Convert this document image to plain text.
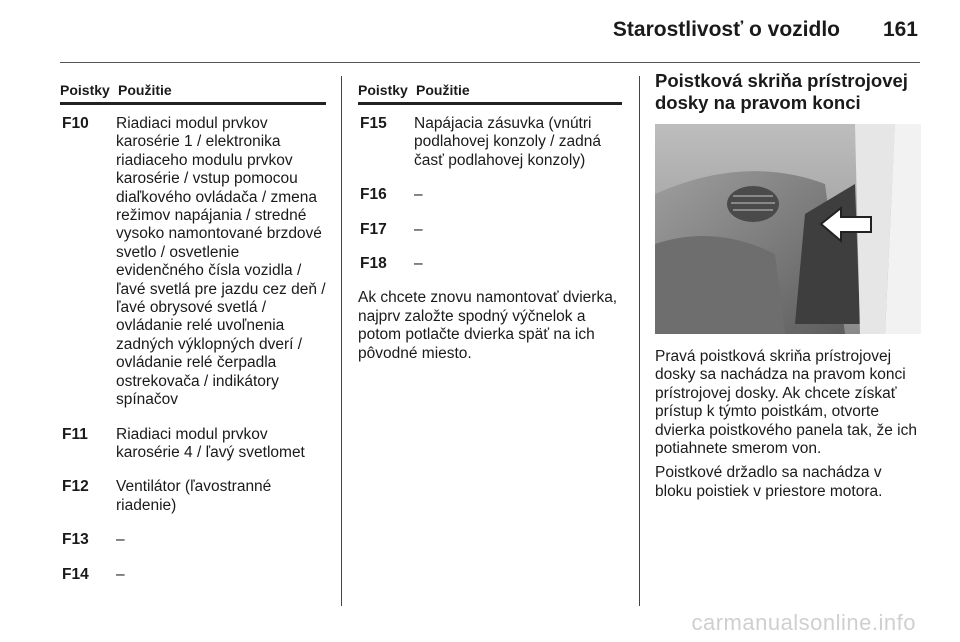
Starostlivosť o vozidlo 161
Poistky Použitie
F10 Riadiaci modul prvkov karosérie 1 / elektronika riadiaceho modulu prvkov karosérie / vstup pomocou diaľkového ovládača / zmena režimov napájania / stredné vysoko namontované brzdové svetlo / osvetlenie evidenčného čísla vozidla / ľavé svetlá pre jazdu cez deň / ľavé obrysové svetlá / ovládanie relé uvoľnenia zadných výklopných dverí / ovládanie relé čerpadla ostrekovača / indikátory spínačov
F11 Riadiaci modul prvkov karosérie 4 / ľavý svetlomet
F12 Ventilátor (ľavostranné riadenie)
F13 –
F14 –
Poistky Použitie
F15 Napájacia zásuvka (vnútri podlahovej konzoly / zadná časť podlahovej konzoly)
F16 –
F17 –
F18 –

Ak chcete znovu namontovať dvierka, najprv založte spodný výčnelok a potom potlačte dvierka späť na ich pôvodné miesto.

Poistková skriňa prístrojovej dosky na pravom konci

Pravá poistková skriňa prístrojovej dosky sa nachádza na pravom konci prístrojovej dosky. Ak chcete získať prístup k týmto poistkám, otvorte dvierka poistkového panela tak, že ich potiahnete smerom von.

Poistkové držadlo sa nachádza v bloku poistiek v priestore motora.

carmanualsonline.info
